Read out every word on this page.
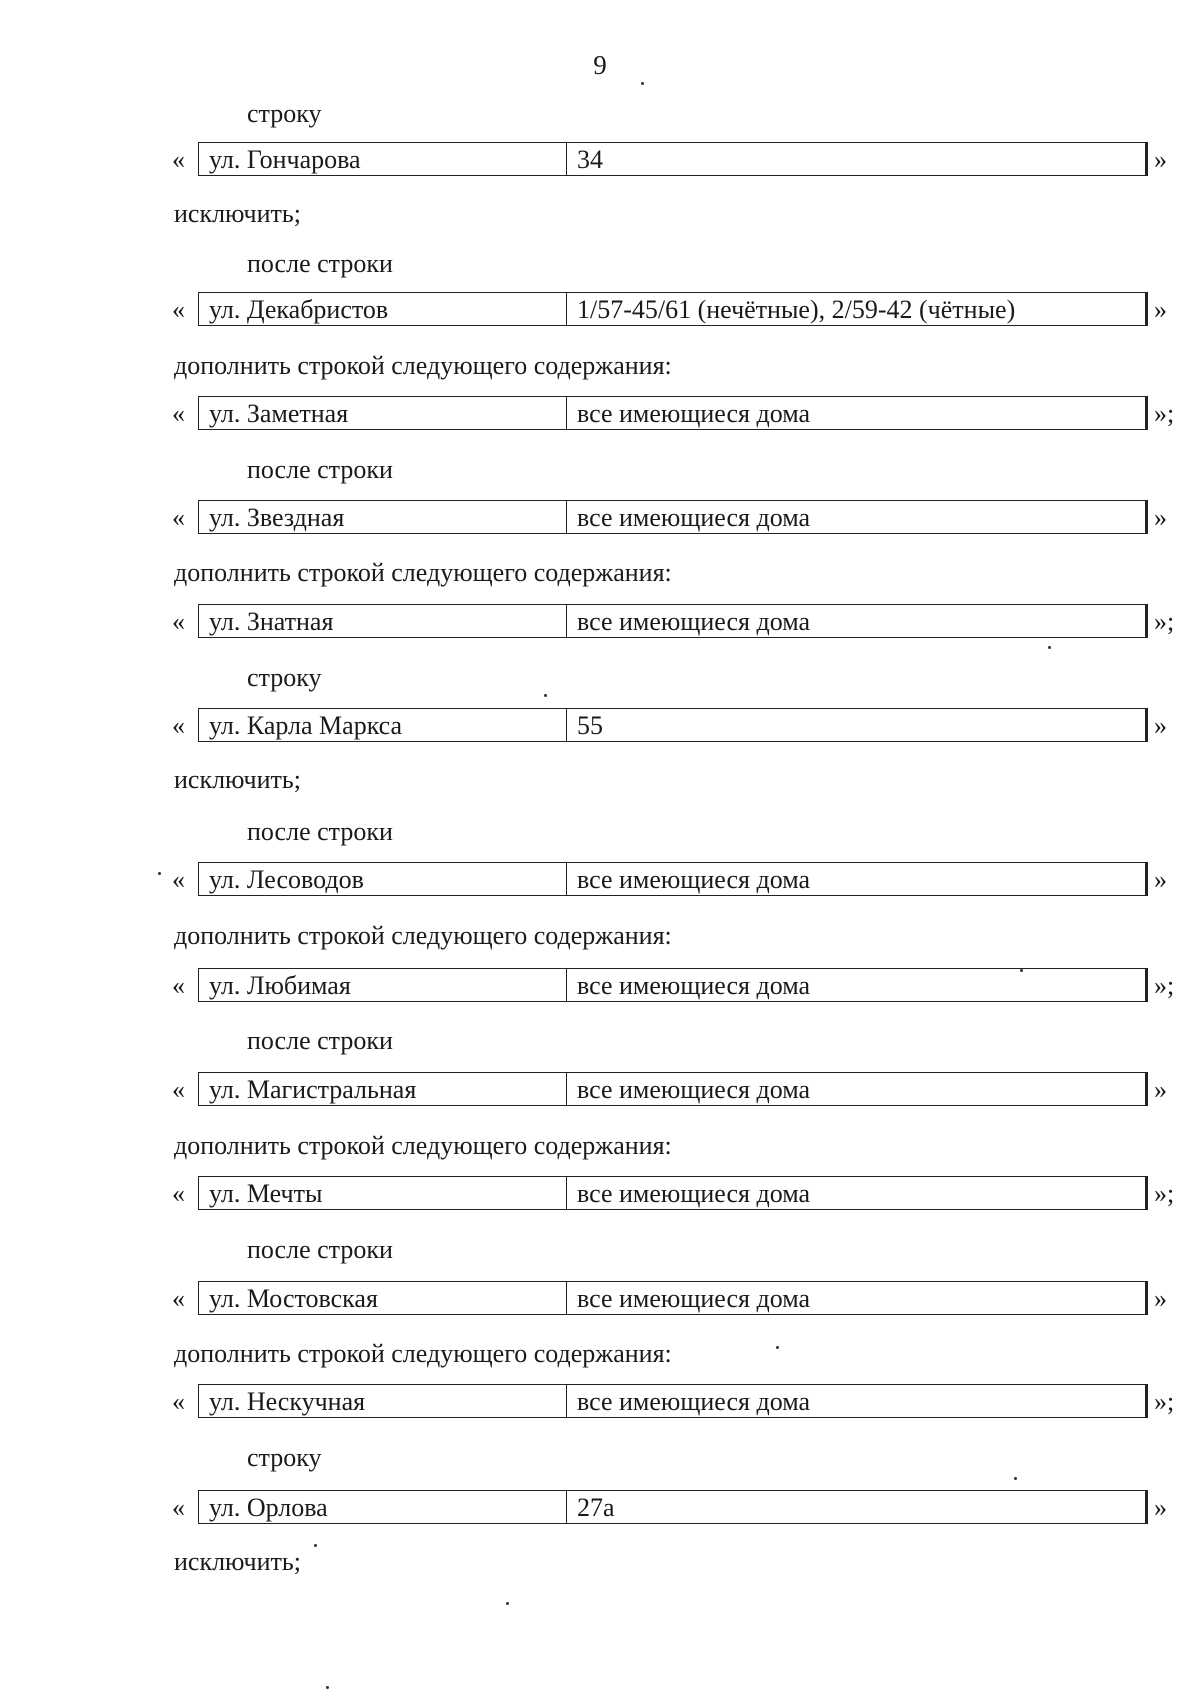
9
строку
« ул. Гончарова	34	»
исключить;
после строки
« ул. Декабристов	1/57-45/61 (нечётные), 2/59-42 (чётные)	»
дополнить строкой следующего содержания:
« ул. Заметная	все имеющиеся дома	»;
после строки
« ул. Звездная	все имеющиеся дома	»
дополнить строкой следующего содержания:
« ул. Знатная	все имеющиеся дома	»;
строку
« ул. Карла Маркса	55	»
исключить;
после строки
« ул. Лесоводов	все имеющиеся дома	»
дополнить строкой следующего содержания:
« ул. Любимая	все имеющиеся дома	»;
после строки
« ул. Магистральная	все имеющиеся дома	»
дополнить строкой следующего содержания:
« ул. Мечты	все имеющиеся дома	»;
после строки
« ул. Мостовская	все имеющиеся дома	»
дополнить строкой следующего содержания:
« ул. Нескучная	все имеющиеся дома	»;
строку
« ул. Орлова	27а	»
исключить;
